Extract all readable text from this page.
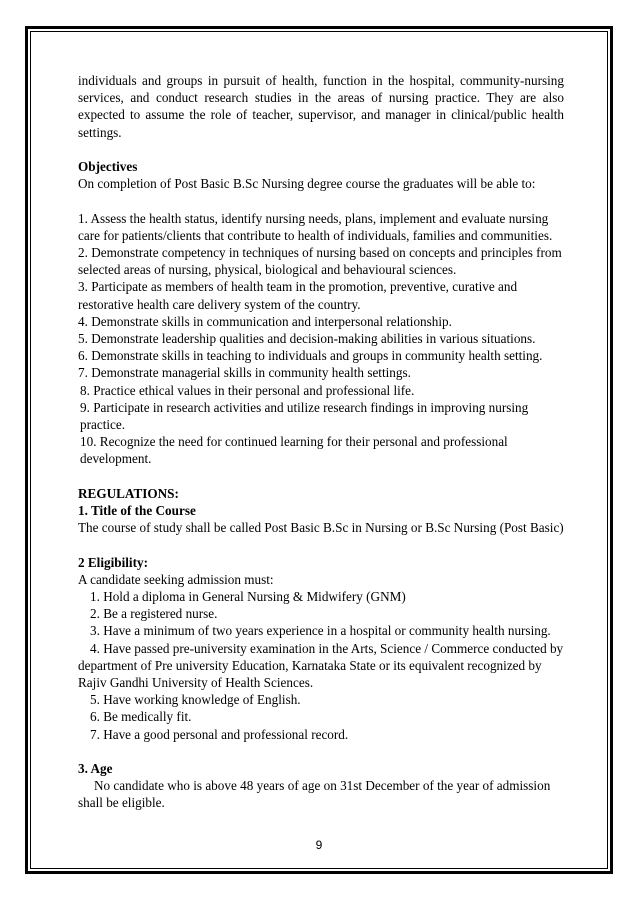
individuals and groups in pursuit of health, function in the hospital, community-nursing services, and conduct research studies in the areas of nursing practice. They are also expected to assume the role of teacher, supervisor, and manager in clinical/public health settings.

Objectives

On completion of Post Basic B.Sc Nursing degree course the graduates will be able to:

1. Assess the health status, identify nursing needs, plans, implement and evaluate nursing care for patients/clients that contribute to health of individuals, families and communities.

2. Demonstrate competency in techniques of nursing based on concepts and principles from selected areas of nursing, physical, biological and behavioural sciences.

3. Participate as members of health team in the promotion, preventive, curative and restorative health care delivery system of the country.

4. Demonstrate skills in communication and interpersonal relationship.

5. Demonstrate leadership qualities and decision-making abilities in various situations.

6. Demonstrate skills in teaching to individuals and groups in community health setting.

7. Demonstrate managerial skills in community health settings.

8. Practice ethical values in their personal and professional life.

9. Participate in research activities and utilize research findings in improving nursing practice.

10. Recognize the need for continued learning for their personal and professional development.

REGULATIONS:

1. Title of the Course

The course of study shall be called Post Basic B.Sc in Nursing or B.Sc Nursing (Post Basic)

2 Eligibility:

A candidate seeking admission must:

1. Hold a diploma in General Nursing & Midwifery (GNM)

2. Be a registered nurse.

3. Have a minimum of two years experience in a hospital or community health nursing.

4. Have passed pre-university examination in the Arts, Science / Commerce conducted by department of Pre university Education, Karnataka State or its equivalent recognized by Rajiv Gandhi University of Health Sciences.

5. Have working knowledge of English.

6. Be medically fit.

7. Have a good personal and professional record.

3. Age

No candidate who is above 48 years of age on 31st December of the year of admission shall be eligible.

9
